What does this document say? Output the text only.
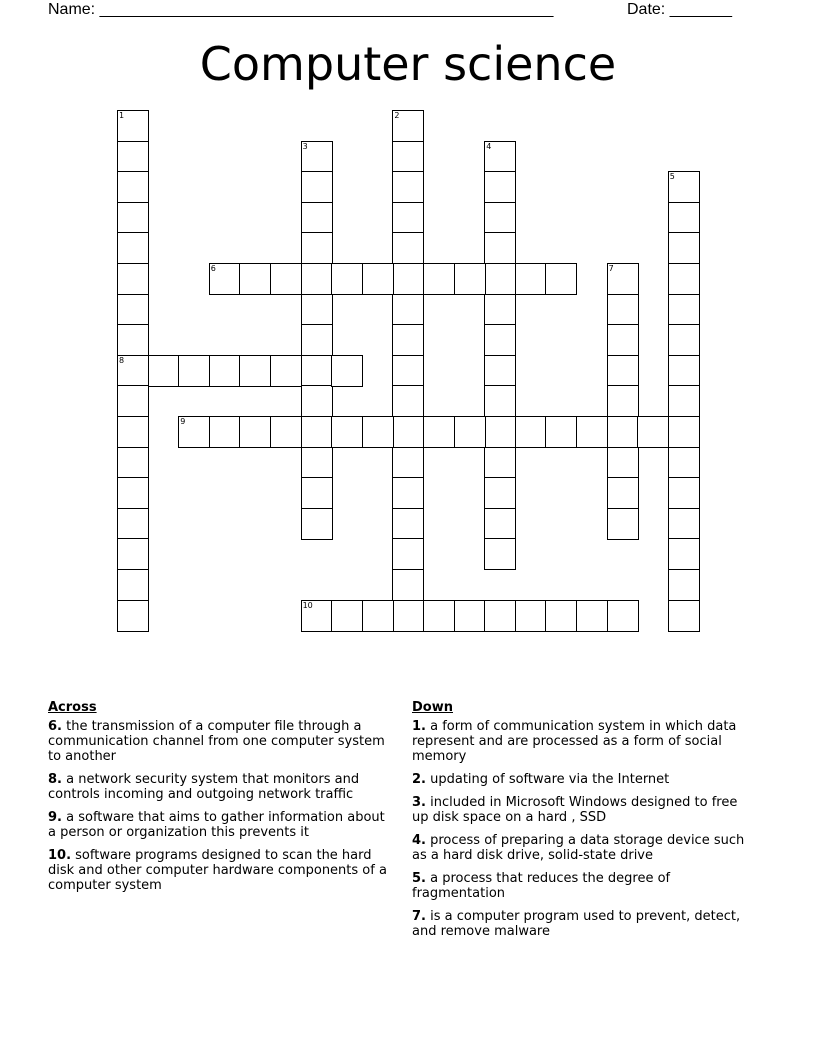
Name: ___________________________________________________	Date: _______
Computer science
1
8
2
3	4
5
6	7
9
10
Across
6. the transmission of a computer file through a communication channel from one computer system to another
8. a network security system that monitors and controls incoming and outgoing network traffic
9. a software that aims to gather information about a person or organization this prevents it
10. software programs designed to scan the hard disk and other computer hardware components of a computer system
Down
1. a form of communication system in which data represent and are processed as a form of social memory
2. updating of software via the Internet
3. included in Microsoft Windows designed to free up disk space on a hard , SSD
4. process of preparing a data storage device such as a hard disk drive, solid-state drive
5. a process that reduces the degree of fragmentation
7. is a computer program used to prevent, detect, and remove malware
